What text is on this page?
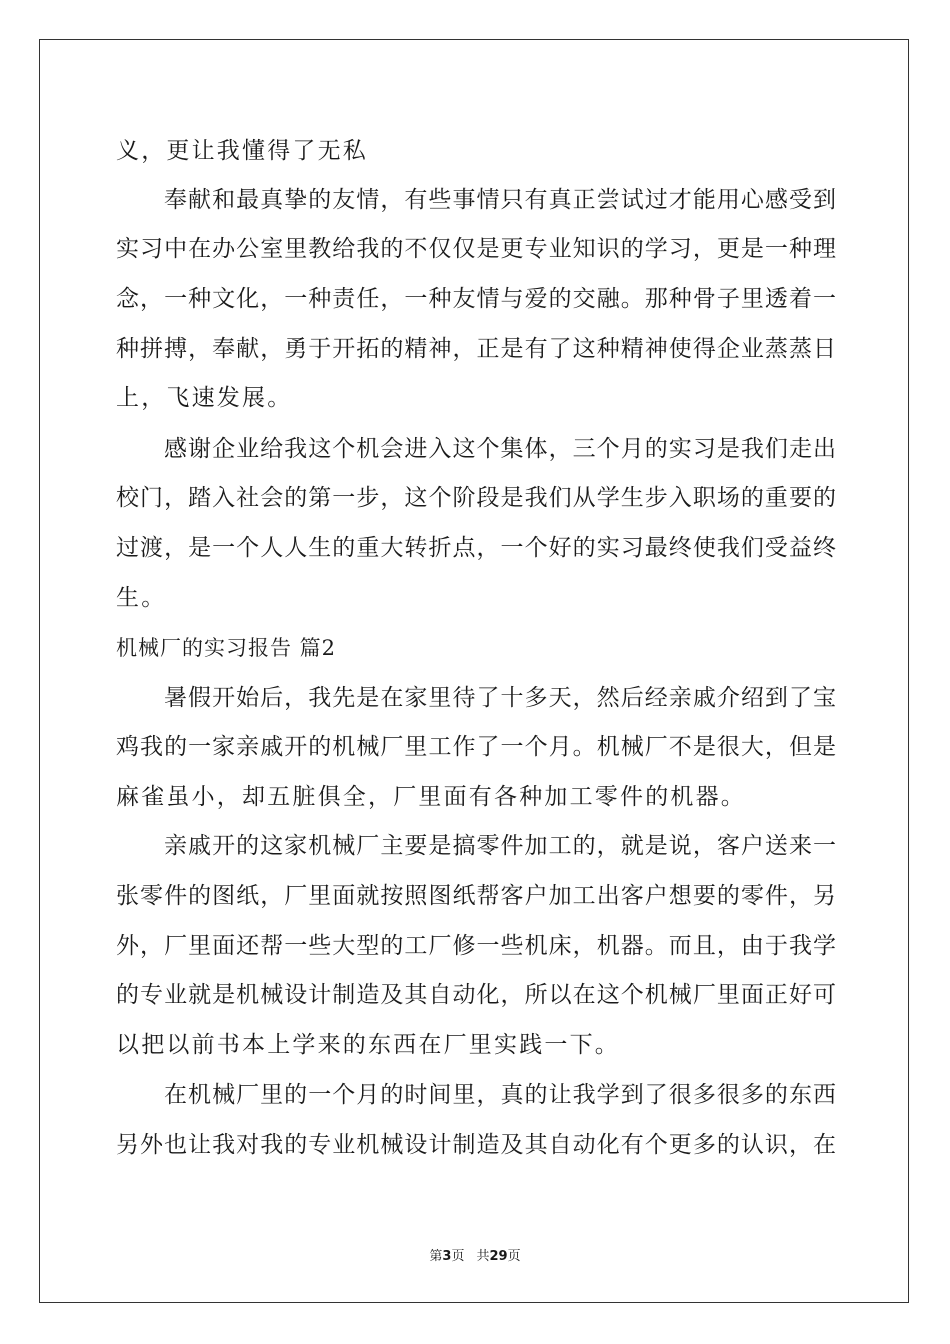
义，更让我懂得了无私
奉献和最真挚的友情，有些事情只有真正尝试过才能用心感受到
实习中在办公室里教给我的不仅仅是更专业知识的学习，更是一种理
念，一种文化，一种责任，一种友情与爱的交融。那种骨子里透着一
种拼搏，奉献，勇于开拓的精神，正是有了这种精神使得企业蒸蒸日
上，飞速发展。
感谢企业给我这个机会进入这个集体，三个月的实习是我们走出
校门，踏入社会的第一步，这个阶段是我们从学生步入职场的重要的
过渡，是一个人人生的重大转折点，一个好的实习最终使我们受益终
生。
机械厂的实习报告 篇2
暑假开始后，我先是在家里待了十多天，然后经亲戚介绍到了宝
鸡我的一家亲戚开的机械厂里工作了一个月。机械厂不是很大，但是
麻雀虽小，却五脏俱全，厂里面有各种加工零件的机器。
亲戚开的这家机械厂主要是搞零件加工的，就是说，客户送来一
张零件的图纸，厂里面就按照图纸帮客户加工出客户想要的零件，另
外，厂里面还帮一些大型的工厂修一些机床，机器。而且，由于我学
的专业就是机械设计制造及其自动化，所以在这个机械厂里面正好可
以把以前书本上学来的东西在厂里实践一下。
在机械厂里的一个月的时间里，真的让我学到了很多很多的东西
另外也让我对我的专业机械设计制造及其自动化有个更多的认识，在
第3页 共29页
